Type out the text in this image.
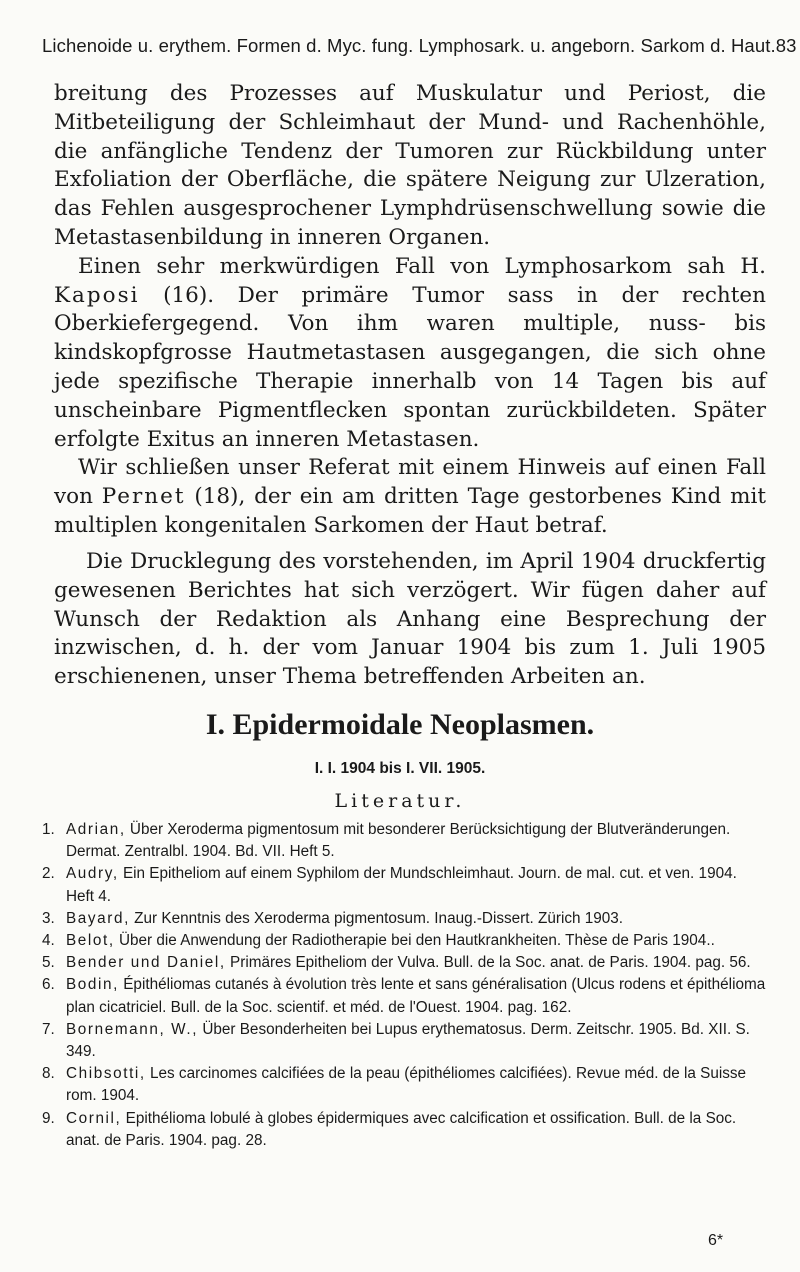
Lichenoide u. erythem. Formen d. Myc. fung. Lymphosark. u. angeborn. Sarkom d. Haut. 83

breitung des Prozesses auf Muskulatur und Periost, die Mitbeteiligung der Schleimhaut der Mund- und Rachenhöhle, die anfängliche Tendenz der Tumoren zur Rückbildung unter Exfoliation der Oberfläche, die spätere Neigung zur Ulzeration, das Fehlen ausgesprochener Lymphdrüsenschwellung sowie die Metastasenbildung in inneren Organen.

Einen sehr merkwürdigen Fall von Lymphosarkom sah H. Kaposi (16). Der primäre Tumor sass in der rechten Oberkiefergegend. Von ihm waren multiple, nuss- bis kindskopfgrosse Hautmetastasen ausgegangen, die sich ohne jede spezifische Therapie innerhalb von 14 Tagen bis auf unscheinbare Pigmentflecken spontan zurückbildeten. Später erfolgte Exitus an inneren Metastasen.

Wir schließen unser Referat mit einem Hinweis auf einen Fall von Pernet (18), der ein am dritten Tage gestorbenes Kind mit multiplen kongenitalen Sarkomen der Haut betraf.

Die Drucklegung des vorstehenden, im April 1904 druckfertig gewesenen Berichtes hat sich verzögert. Wir fügen daher auf Wunsch der Redaktion als Anhang eine Besprechung der inzwischen, d. h. der vom Januar 1904 bis zum 1. Juli 1905 erschienenen, unser Thema betreffenden Arbeiten an.

I. Epidermoidale Neoplasmen.
I. I. 1904 bis I. VII. 1905.
Literatur.
1. Adrian, Über Xeroderma pigmentosum mit besonderer Berücksichtigung der Blutveränderungen. Dermat. Zentralbl. 1904. Bd. VII. Heft 5.
2. Audry, Ein Epitheliom auf einem Syphilom der Mundschleimhaut. Journ. de mal. cut. et ven. 1904. Heft 4.
3. Bayard, Zur Kenntnis des Xeroderma pigmentosum. Inaug.-Dissert. Zürich 1903.
4. Belot, Über die Anwendung der Radiotherapie bei den Hautkrankheiten. Thèse de Paris 1904..
5. Bender und Daniel, Primäres Epitheliom der Vulva. Bull. de la Soc. anat. de Paris. 1904. pag. 56.
6. Bodin, Épithéliomas cutanés à évolution très lente et sans généralisation (Ulcus rodens et épithélioma plan cicatriciel. Bull. de la Soc. scientif. et méd. de l'Ouest. 1904. pag. 162.
7. Bornemann, W., Über Besonderheiten bei Lupus erythematosus. Derm. Zeitschr. 1905. Bd. XII. S. 349.
8. Chibsotti, Les carcinomes calcifiées de la peau (épithéliomes calcifiées). Revue méd. de la Suisse rom. 1904.
9. Cornil, Epithélioma lobulé à globes épidermiques avec calcification et ossification. Bull. de la Soc. anat. de Paris. 1904. pag. 28.
6*
